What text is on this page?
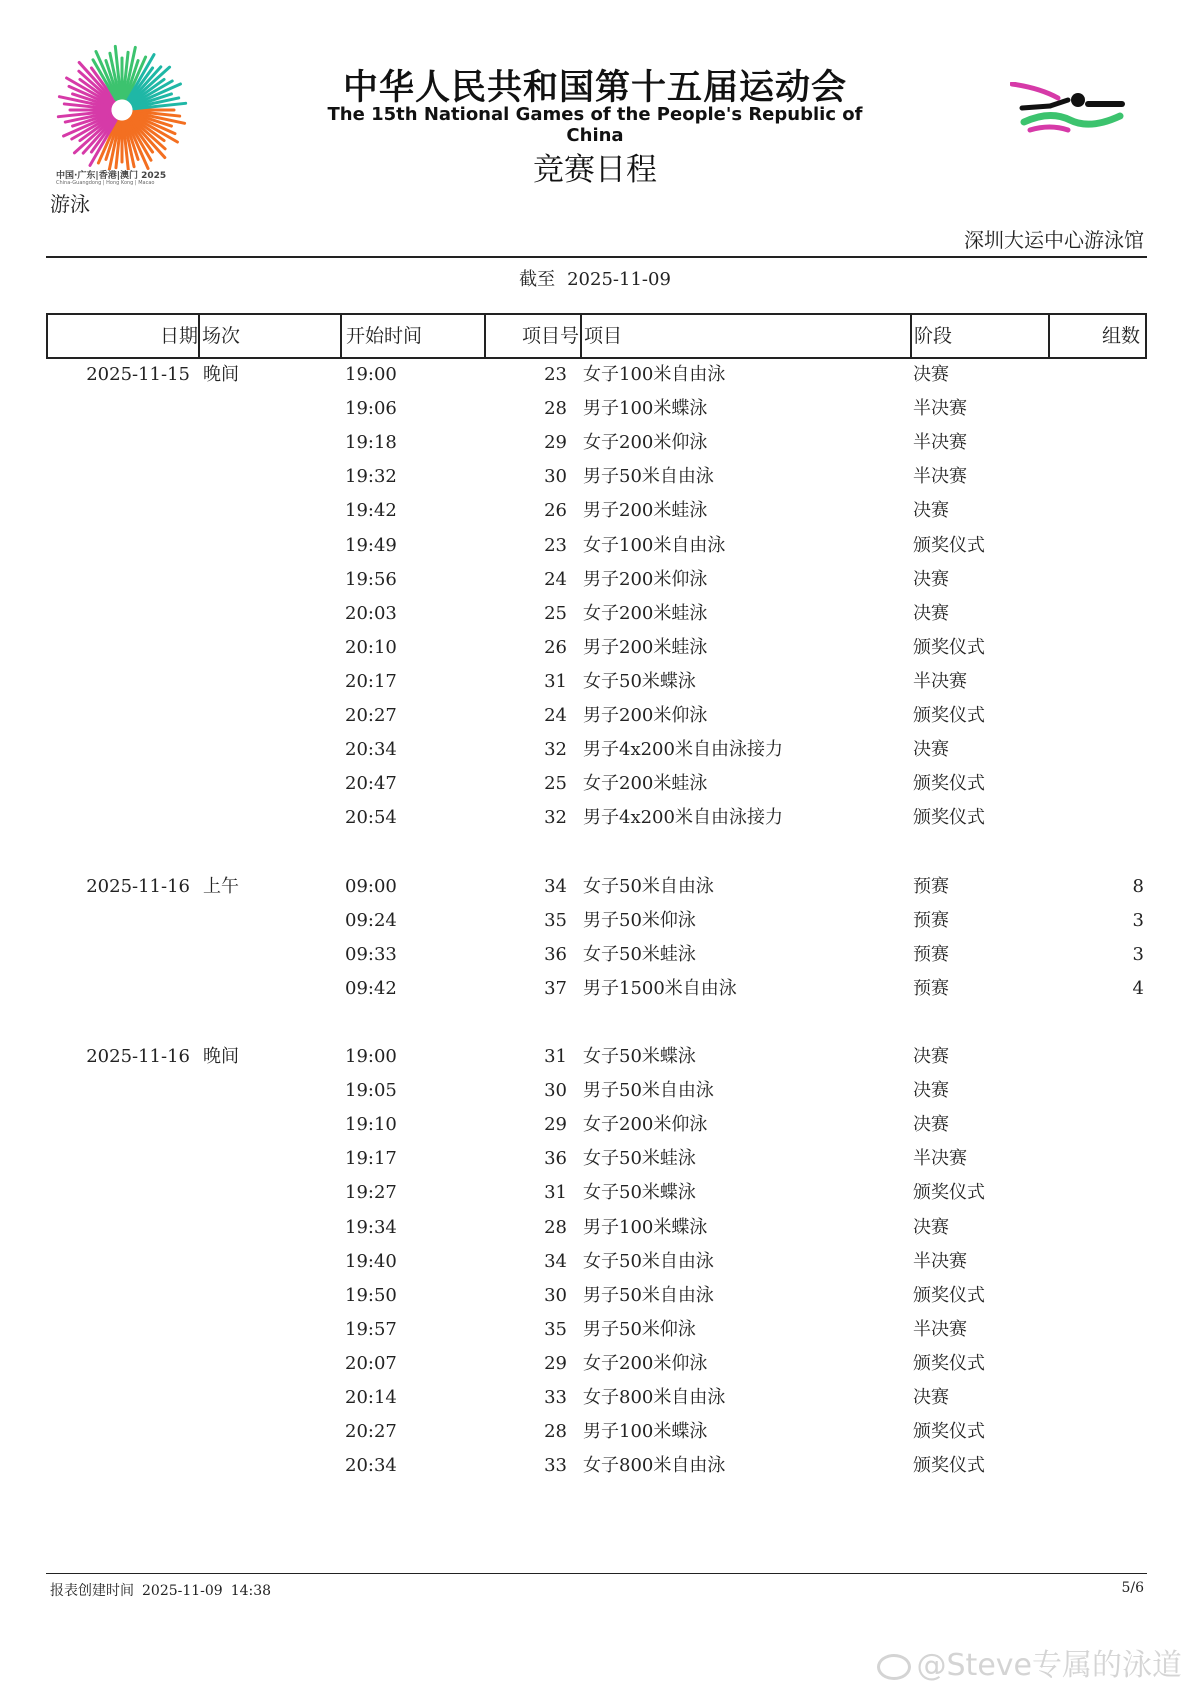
中国·广东|香港|澳门 2025
China-Guangdong | Hong Kong | Macao
中华人民共和国第十五届运动会
The 15th National Games of the People's Republic of China
竞赛日程
游泳
深圳大运中心游泳馆
截至 2025-11-09
日期 场次	开始时间	项目号 项目	阶段	组数
2025-11-15 晚间	19:00	23 女子100米自由泳	决赛
19:06	28 男子100米蝶泳	半决赛
19:18	29 女子200米仰泳	半决赛
19:32	30 男子50米自由泳	半决赛
19:42	26 男子200米蛙泳	决赛
19:49	23 女子100米自由泳	颁奖仪式
19:56	24 男子200米仰泳	决赛
20:03	25 女子200米蛙泳	决赛
20:10	26 男子200米蛙泳	颁奖仪式
20:17	31 女子50米蝶泳	半决赛
20:27	24 男子200米仰泳	颁奖仪式
20:34	32 男子4x200米自由泳接力	决赛
20:47	25 女子200米蛙泳	颁奖仪式
20:54	32 男子4x200米自由泳接力	颁奖仪式
2025-11-16 上午	09:00	34 女子50米自由泳	预赛	8
09:24	35 男子50米仰泳	预赛	3
09:33	36 女子50米蛙泳	预赛	3
09:42	37 男子1500米自由泳	预赛	4
2025-11-16 晚间	19:00	31 女子50米蝶泳	决赛
19:05	30 男子50米自由泳	决赛
19:10	29 女子200米仰泳	决赛
19:17	36 女子50米蛙泳	半决赛
19:27	31 女子50米蝶泳	颁奖仪式
19:34	28 男子100米蝶泳	决赛
19:40	34 女子50米自由泳	半决赛
19:50	30 男子50米自由泳	颁奖仪式
19:57	35 男子50米仰泳	半决赛
20:07	29 女子200米仰泳	颁奖仪式
20:14	33 女子800米自由泳	决赛
20:27	28 男子100米蝶泳	颁奖仪式
20:34	33 女子800米自由泳	颁奖仪式
报表创建时间 2025-11-09 14:38	5/6
@Steve专属的泳道
